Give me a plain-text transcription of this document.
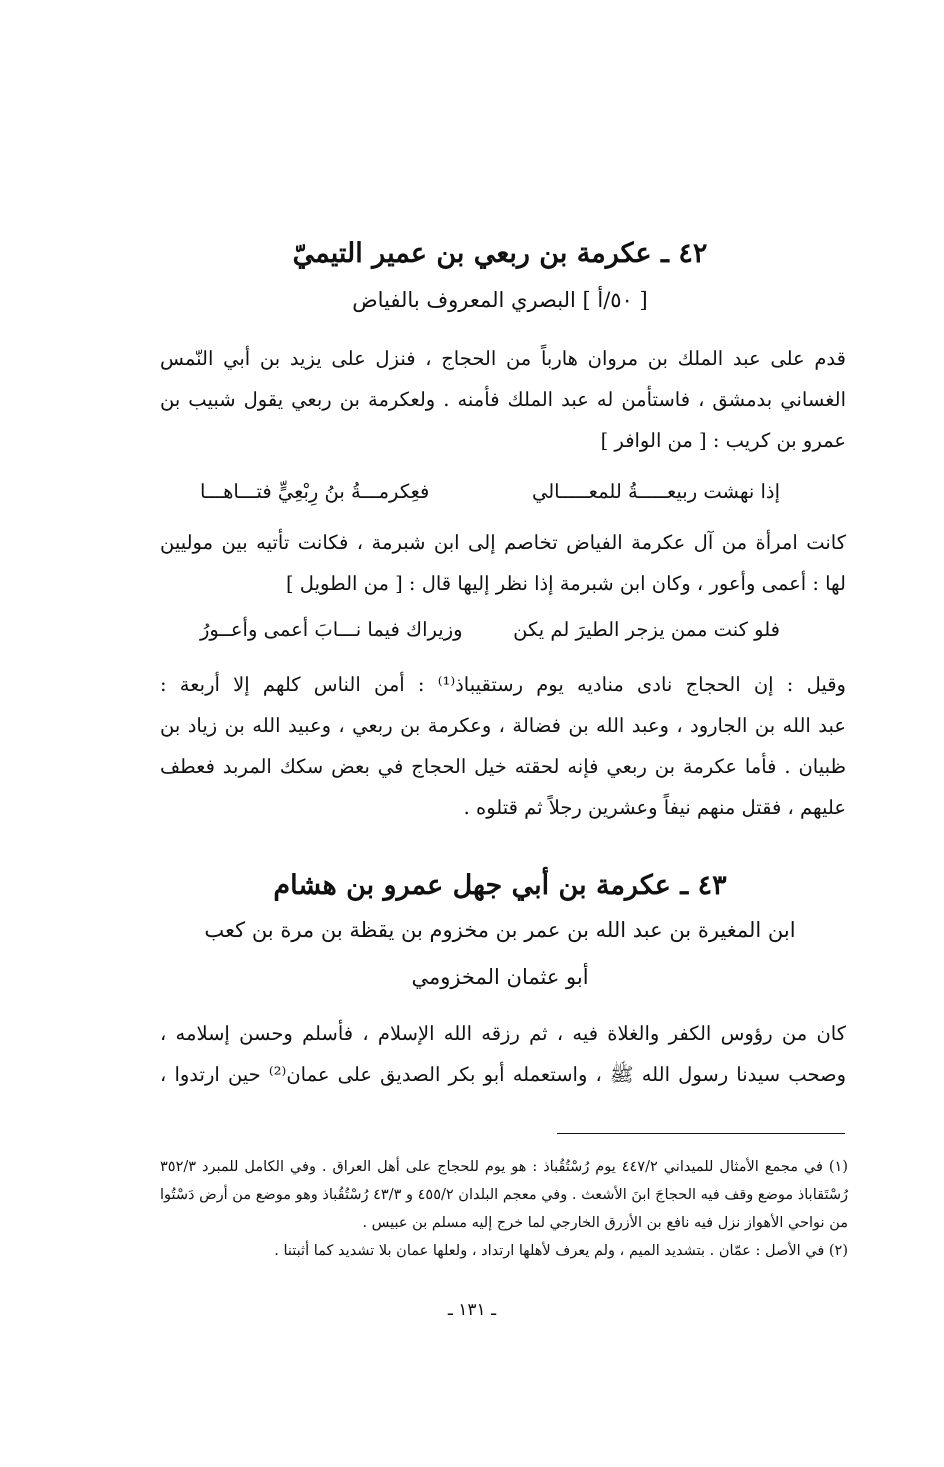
٤٢ ـ عكرمة بن ربعي بن عمير التيميّ
[ ٥٠/أ ] البصري المعروف بالفياض
قدم على عبد الملك بن مروان هارباً من الحجاج ، فنزل على يزيد بن أبي النّمس
الغساني بدمشق ، فاستأمن له عبد الملك فأمنه . ولعكرمة بن ربعي يقول شبيب بن
عمرو بن كريب : [ من الوافر ]
إذا نهشت ربيعـــــةُ للمعـــــالي
فعِكرمـــةُ بنُ رِبْعِيٍّ فتـــاهـــا
كانت امرأة من آل عكرمة الفياض تخاصم إلى ابن شبرمة ، فكانت تأتيه بين موليين
لها : أعمى وأعور ، وكان ابن شبرمة إذا نظر إليها قال : [ من الطويل ]
فلو كنت ممن يزجر الطيرَ لم يكن
وزيراك فيما نـــابَ أعمى وأعــورُ
وقيل : إن الحجاج نادى مناديه يوم رستقيباذ⁽¹⁾ : أمن الناس كلهم إلا أربعة :
عبد الله بن الجارود ، وعبد الله بن فضالة ، وعكرمة بن ربعي ، وعبيد الله بن زياد بن
ظبيان . فأما عكرمة بن ربعي فإنه لحقته خيل الحجاج في بعض سكك المربد فعطف
عليهم ، فقتل منهم نيفاً وعشرين رجلاً ثم قتلوه .
٤٣ ـ عكرمة بن أبي جهل عمرو بن هشام
ابن المغيرة بن عبد الله بن عمر بن مخزوم بن يقظة بن مرة بن كعب
أبو عثمان المخزومي
كان من رؤوس الكفر والغلاة فيه ، ثم رزقه الله الإسلام ، فأسلم وحسن إسلامه ،
وصحب سيدنا رسول الله ﷺ ، واستعمله أبو بكر الصديق على عمان⁽²⁾ حين ارتدوا ،
(١) في مجمع الأمثال للميداني ٤٤٧/٢ يوم رُسْتُقُباذ : هو يوم للحجاج على أهل العراق . وفي الكامل للمبرد ٣٥٢/٣
رُسْتَقاباذ موضع وقف فيه الحجاجَ ابنَ الأشعث . وفي معجم البلدان ٤٥٥/٢ و ٤٣/٣ رُسْتُقُباذ وهو موضع من أرض دَسْتُوا
من نواحي الأهواز نزل فيه نافع بن الأزرق الخارجي لما خرج إليه مسلم بن عبيس .
(٢) في الأصل : عمّان . بتشديد الميم ، ولم يعرف لأهلها ارتداد ، ولعلها عمان بلا تشديد كما أثبتنا .
ـ ١٣١ ـ
